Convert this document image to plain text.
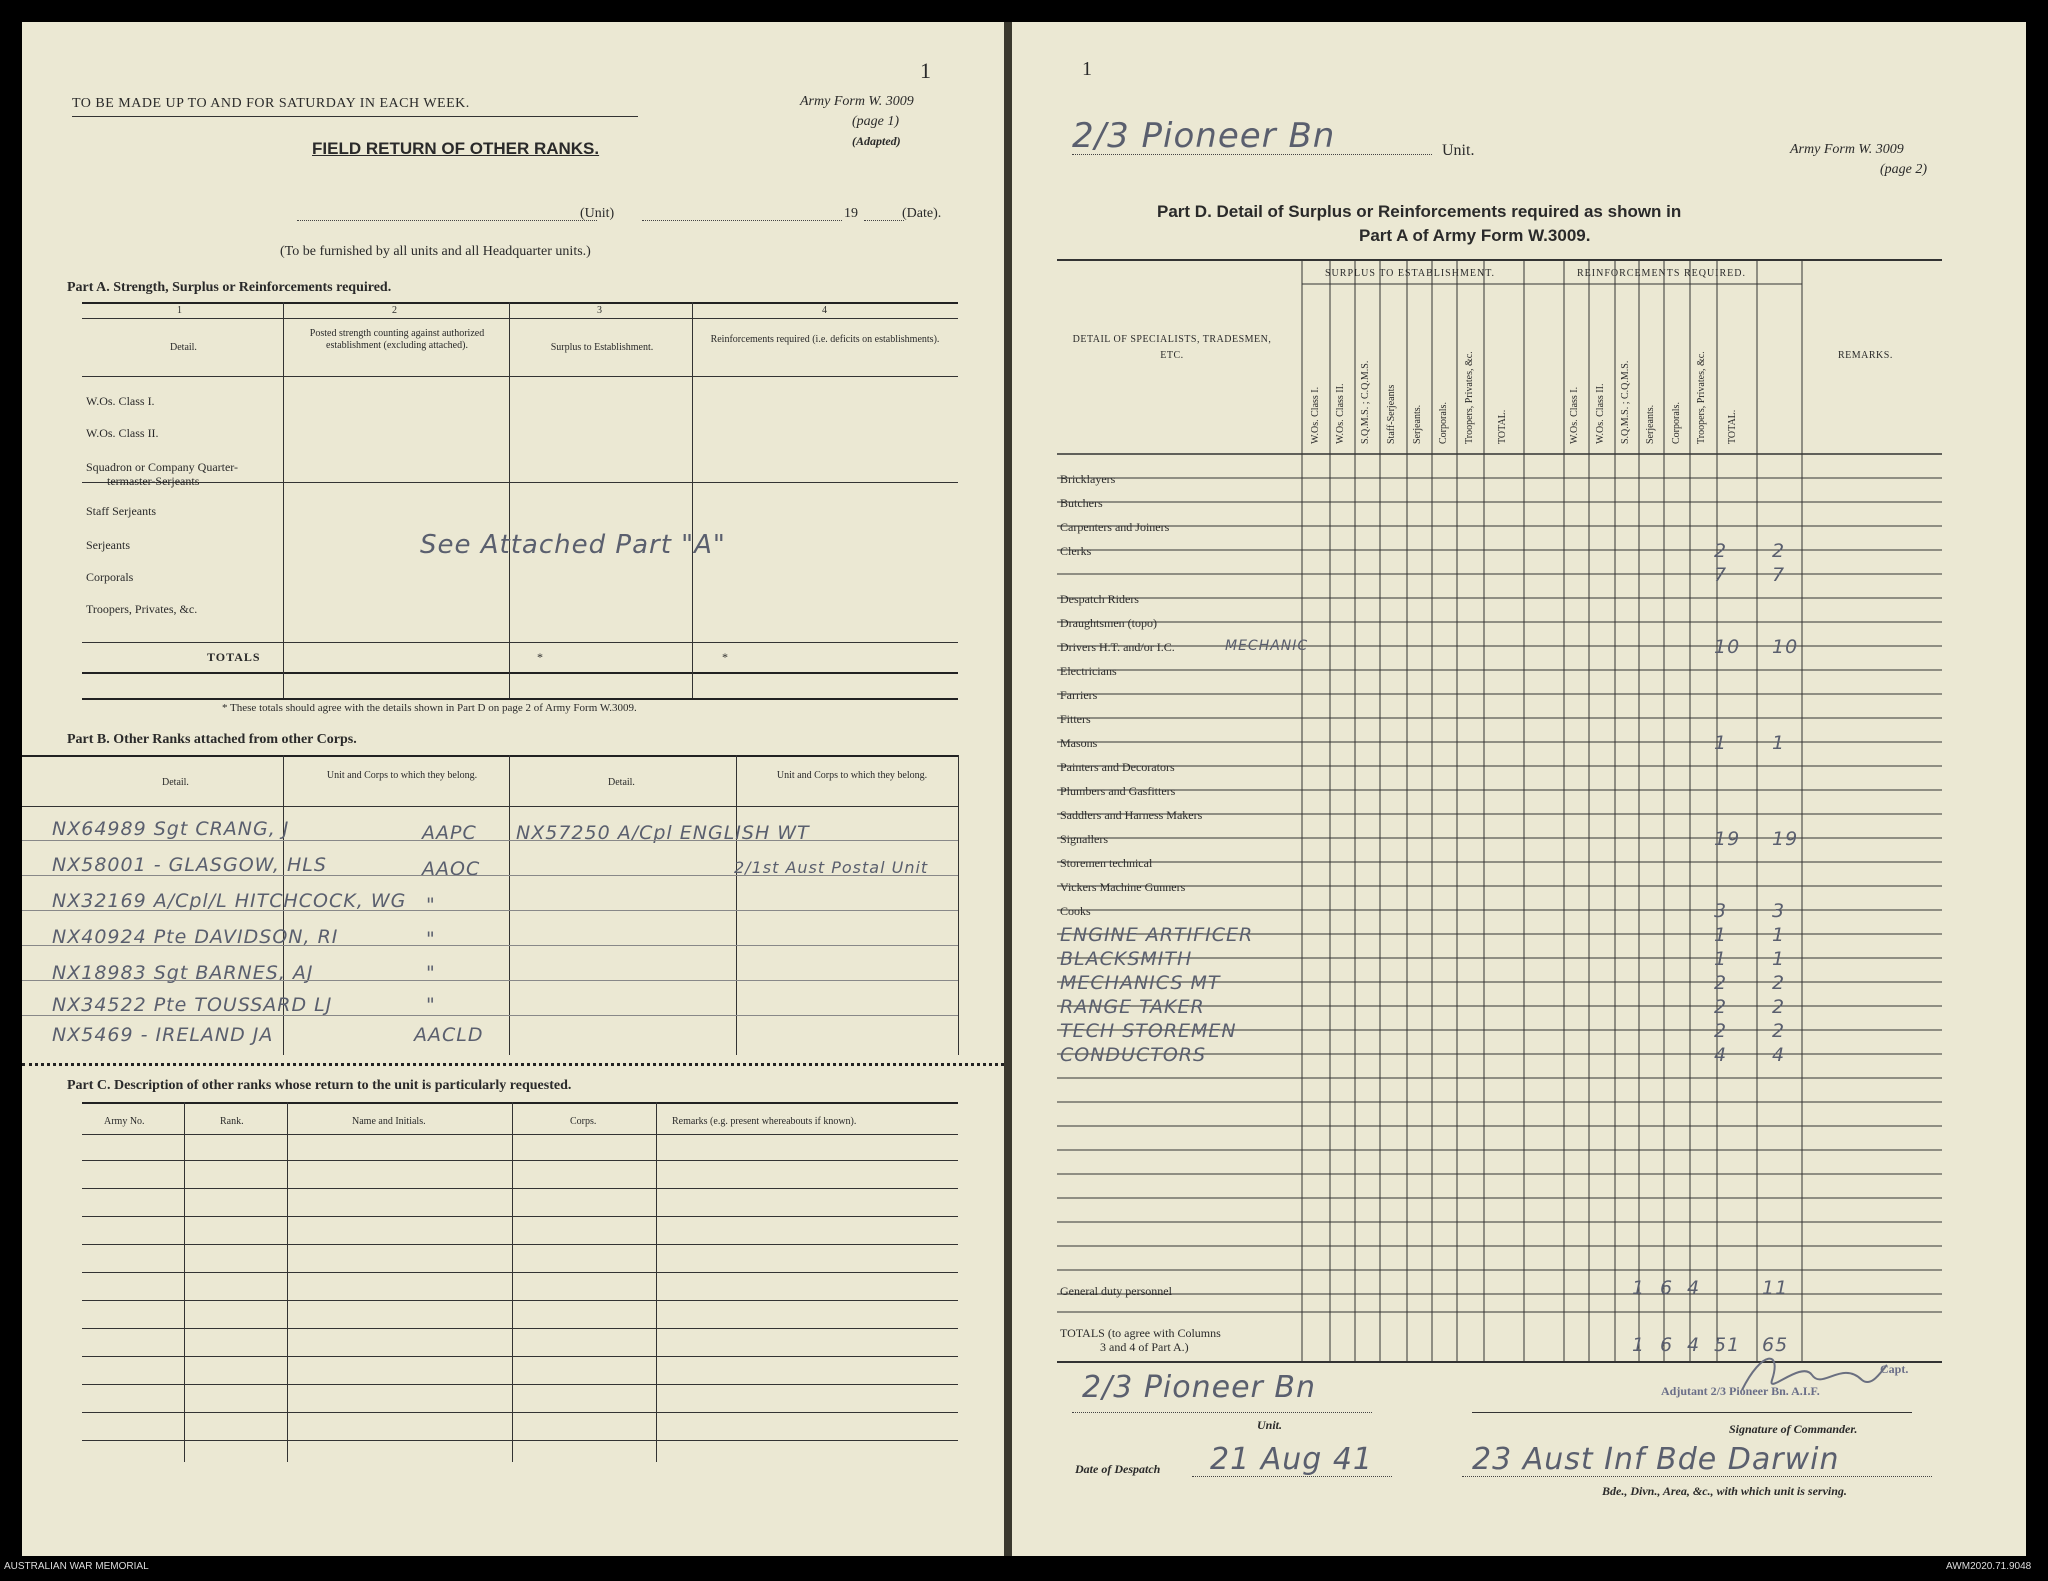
1
TO BE MADE UP TO AND FOR SATURDAY IN EACH WEEK.	Army Form W. 3009
(page 1)
(Adapted)
FIELD RETURN OF OTHER RANKS.
(Unit)	19	(Date).
(To be furnished by all units and all Headquarter units.)
Part A. Strength, Surplus or Reinforcements required.
1	2	3	4
Detail.
Posted strength counting against authorized establishment (excluding attached).	Surplus to Establishment.
Reinforcements required (i.e. deficits on establishments).
W.Os. Class I.
W.Os. Class II.
Squadron or Company Quarter-
termaster-Serjeants
Staff Serjeants
Serjeants
Corporals
Troopers, Privates, &c.
TOTALS	*	*
See Attached Part "A"
* These totals should agree with the details shown in Part D on page 2 of Army Form W.3009.
Part B. Other Ranks attached from other Corps.
Detail.
Unit and Corps to which they belong.
Detail.
Unit and Corps to which they belong.
NX64989 Sgt CRANG, J
NX58001 - GLASGOW, HLS
NX32169 A/Cpl/L HITCHCOCK, WG
NX40924 Pte DAVIDSON, RI
NX18983 Sgt BARNES, AJ
NX34522 Pte TOUSSARD LJ
NX5469 - IRELAND JA
AAPC
AAOC
"
"
"
"
AACLD
NX57250 A/Cpl ENGLISH WT
2/1st Aust Postal Unit
Part C. Description of other ranks whose return to the unit is particularly requested.
Army No.	Rank.	Name and Initials.	Corps.	Remarks (e.g. present whereabouts if known).
1
2/3 Pioneer Bn	Unit.	Army Form W. 3009
(page 2)
Part D. Detail of Surplus or Reinforcements required as shown in
Part A of Army Form W.3009.
SURPLUS TO ESTABLISHMENT.	REINFORCEMENTS REQUIRED.
DETAIL OF SPECIALISTS, TRADESMEN, ETC.	REMARKS.
W.Os. Class I. W.Os. Class II. S.Q.M.S. ; C.Q.M.S. Staff-Serjeants Serjeants. Corporals. Troopers, Privates, &c. TOTAL.	W.Os. Class I. W.Os. Class II. S.Q.M.S. ; C.Q.M.S. Serjeants. Corporals. Troopers, Privates, &c. TOTAL.
Bricklayers
Butchers
Carpenters and Joiners
Clerks	2 2
7 7
Despatch Riders
Draughtsmen (topo)
Drivers H.T. and/or I.C.	10 10
Electricians
Farriers
Fitters
Masons	1 1
Painters and Decorators
Plumbers and Gasfitters
Saddlers and Harness Makers
Signallers	19 19
Storemen technical
Vickers Machine Gunners
Cooks	3 3
ENGINE ARTIFICER	1 1
BLACKSMITH	1 1
MECHANICS MT	2 2
RANGE TAKER	2 2
TECH STOREMEN	2 2
CONDUCTORS	4 4
MECHANIC
General duty personnel	1 6 4	11
TOTALS (to agree with Columns
3 and 4 of Part A.)	1 6 4 51 65
2/3 Pioneer Bn
Unit.
Adjutant 2/3 Pioneer Bn. A.I.F.
Capt.
Signature of Commander.
Date of Despatch 21 Aug 41	23 Aust Inf Bde Darwin
Bde., Divn., Area, &c., with which unit is serving.
AUSTRALIAN WAR MEMORIAL	AWM2020.71.9048
